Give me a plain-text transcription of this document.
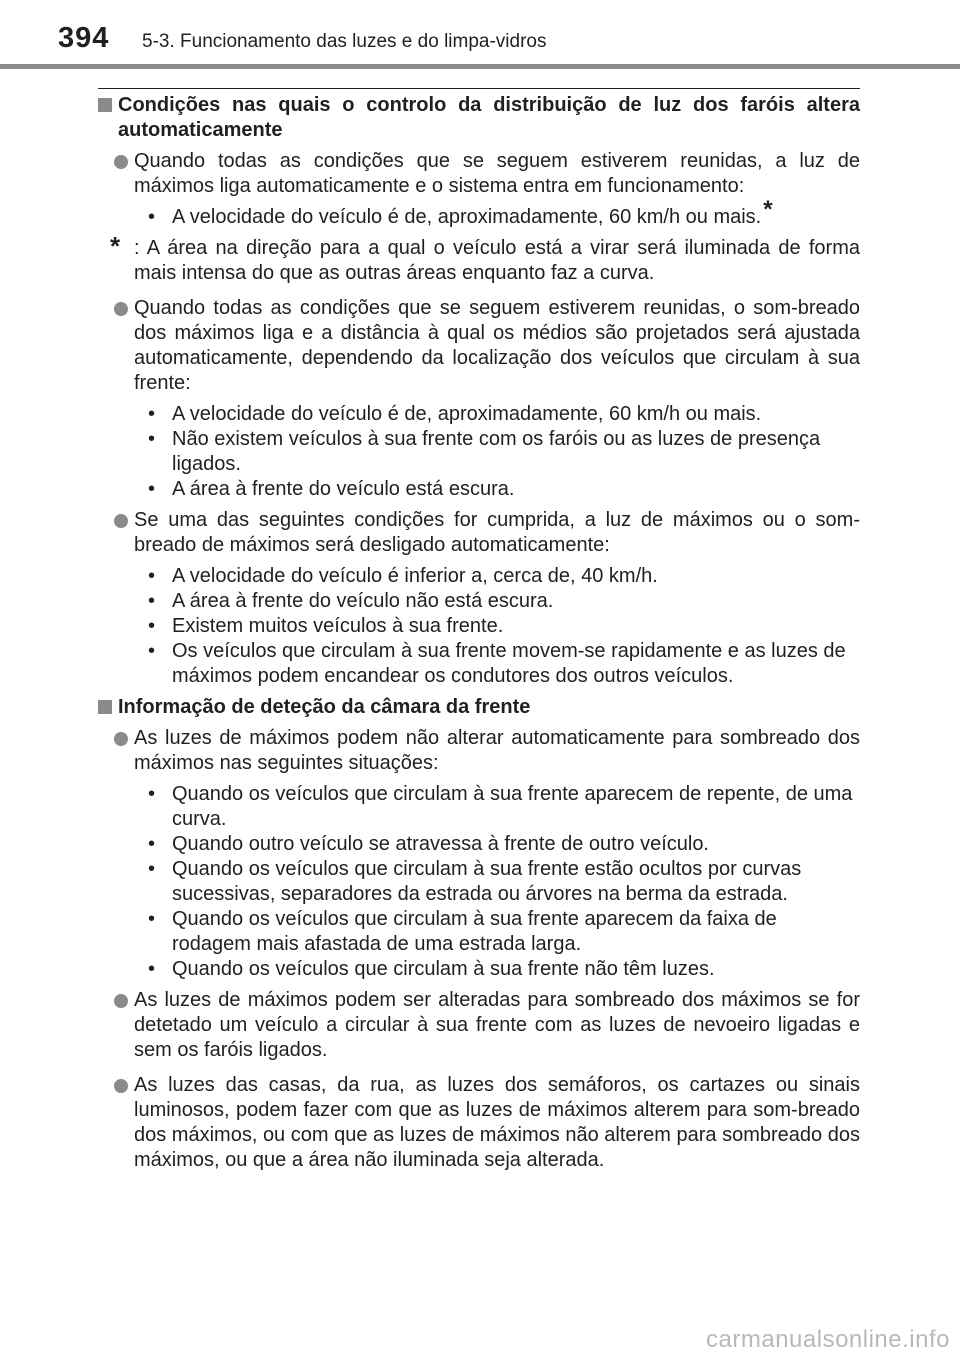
394 5-3. Funcionamento das luzes e do limpa-vidros
Condições nas quais o controlo da distribuição de luz dos faróis altera automaticamente
Quando todas as condições que se seguem estiverem reunidas, a luz de máximos liga automaticamente e o sistema entra em funcionamento:
• A velocidade do veículo é de, aproximadamente, 60 km/h ou mais.*
* : A área na direção para a qual o veículo está a virar será iluminada de forma mais intensa do que as outras áreas enquanto faz a curva.
Quando todas as condições que se seguem estiverem reunidas, o som-breado dos máximos liga e a distância à qual os médios são projetados será ajustada automaticamente, dependendo da localização dos veículos que circulam à sua frente:
• A velocidade do veículo é de, aproximadamente, 60 km/h ou mais.
• Não existem veículos à sua frente com os faróis ou as luzes de presença ligados.
• A área à frente do veículo está escura.
Se uma das seguintes condições for cumprida, a luz de máximos ou o som-breado de máximos será desligado automaticamente:
• A velocidade do veículo é inferior a, cerca de, 40 km/h.
• A área à frente do veículo não está escura.
• Existem muitos veículos à sua frente.
• Os veículos que circulam à sua frente movem-se rapidamente e as luzes de máximos podem encandear os condutores dos outros veículos.
Informação de deteção da câmara da frente
As luzes de máximos podem não alterar automaticamente para sombreado dos máximos nas seguintes situações:
• Quando os veículos que circulam à sua frente aparecem de repente, de uma curva.
• Quando outro veículo se atravessa à frente de outro veículo.
• Quando os veículos que circulam à sua frente estão ocultos por curvas sucessivas, separadores da estrada ou árvores na berma da estrada.
• Quando os veículos que circulam à sua frente aparecem da faixa de rodagem mais afastada de uma estrada larga.
• Quando os veículos que circulam à sua frente não têm luzes.
As luzes de máximos podem ser alteradas para sombreado dos máximos se for detetado um veículo a circular à sua frente com as luzes de nevoeiro ligadas e sem os faróis ligados.
As luzes das casas, da rua, as luzes dos semáforos, os cartazes ou sinais luminosos, podem fazer com que as luzes de máximos alterem para som-breado dos máximos, ou com que as luzes de máximos não alterem para sombreado dos máximos, ou que a área não iluminada seja alterada.
carmanualsonline.info
